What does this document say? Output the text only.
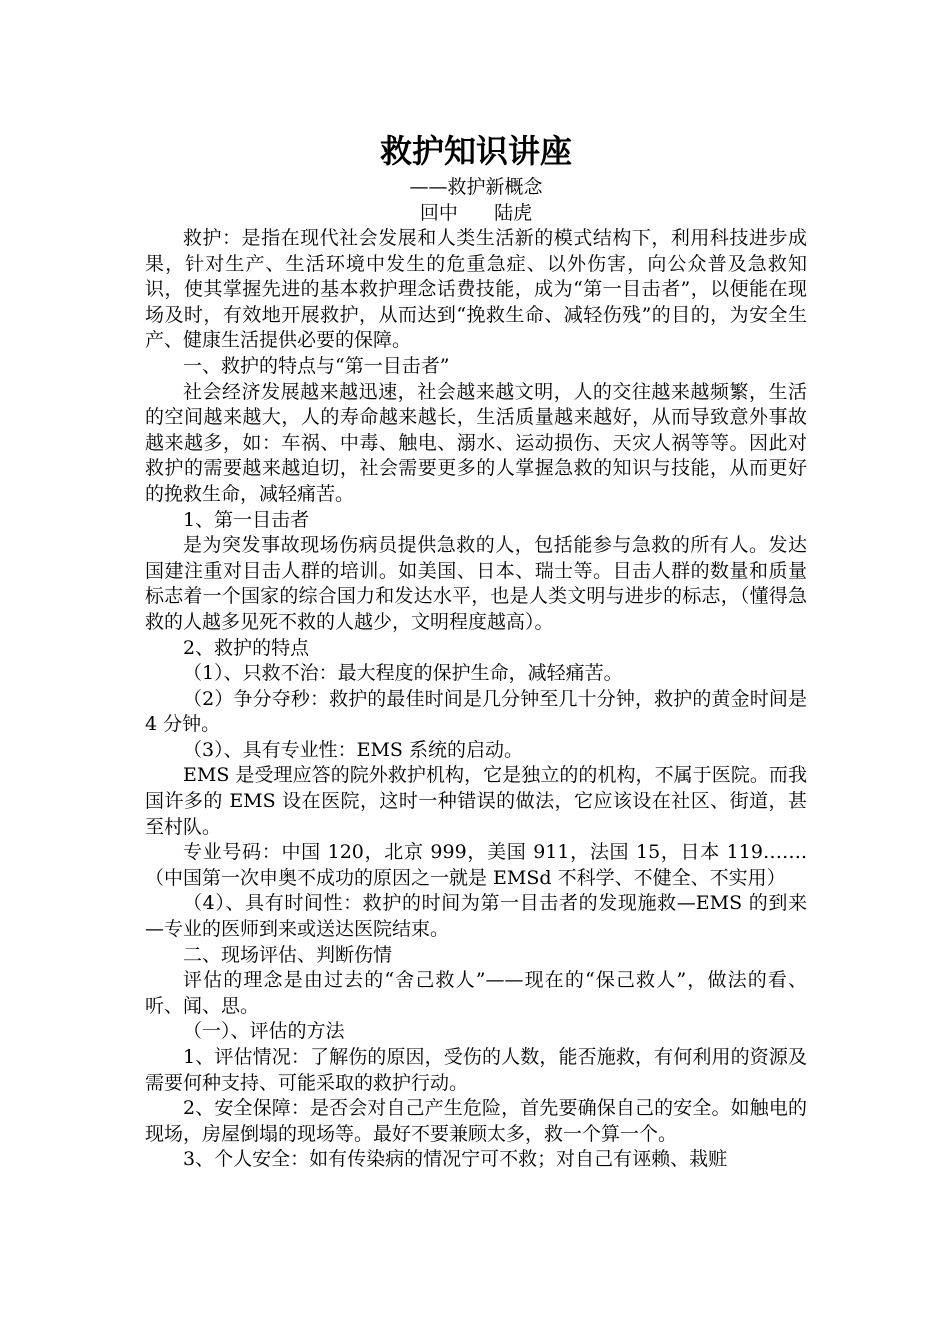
救护知识讲座

——救护新概念

回中      陆虎

救护：是指在现代社会发展和人类生活新的模式结构下，利用科技进步成果，针对生产、生活环境中发生的危重急症、以外伤害，向公众普及急救知识，使其掌握先进的基本救护理念话费技能，成为“第一目击者”，以便能在现场及时，有效地开展救护，从而达到“挽救生命、减轻伤残”的目的，为安全生产、健康生活提供必要的保障。

一、救护的特点与“第一目击者”

社会经济发展越来越迅速，社会越来越文明，人的交往越来越频繁，生活的空间越来越大，人的寿命越来越长，生活质量越来越好，从而导致意外事故越来越多，如：车祸、中毒、触电、溺水、运动损伤、天灾人祸等等。因此对救护的需要越来越迫切，社会需要更多的人掌握急救的知识与技能，从而更好的挽救生命，减轻痛苦。

1、第一目击者

是为突发事故现场伤病员提供急救的人，包括能参与急救的所有人。发达国建注重对目击人群的培训。如美国、日本、瑞士等。目击人群的数量和质量标志着一个国家的综合国力和发达水平，也是人类文明与进步的标志，（懂得急救的人越多见死不救的人越少，文明程度越高）。

2、救护的特点

（1）、只救不治：最大程度的保护生命，减轻痛苦。

（2）争分夺秒：救护的最佳时间是几分钟至几十分钟，救护的黄金时间是 4 分钟。

（3）、具有专业性：EMS 系统的启动。

EMS 是受理应答的院外救护机构，它是独立的的机构，不属于医院。而我国许多的 EMS 设在医院，这时一种错误的做法，它应该设在社区、街道，甚至村队。

专业号码：中国 120，北京 999，美国 911，法国 15，日本 119…….（中国第一次申奥不成功的原因之一就是 EMSd 不科学、不健全、不实用）

（4）、具有时间性：救护的时间为第一目击者的发现施救—EMS 的到来—专业的医师到来或送达医院结束。

二、现场评估、判断伤情

评估的理念是由过去的“舍己救人”——现在的“保己救人”，做法的看、听、闻、思。

（一）、评估的方法

1、评估情况：了解伤的原因，受伤的人数，能否施救，有何利用的资源及需要何种支持、可能采取的救护行动。

2、安全保障：是否会对自己产生危险，首先要确保自己的安全。如触电的现场，房屋倒塌的现场等。最好不要兼顾太多，救一个算一个。

3、个人安全：如有传染病的情况宁可不救；对自己有诬赖、栽赃
